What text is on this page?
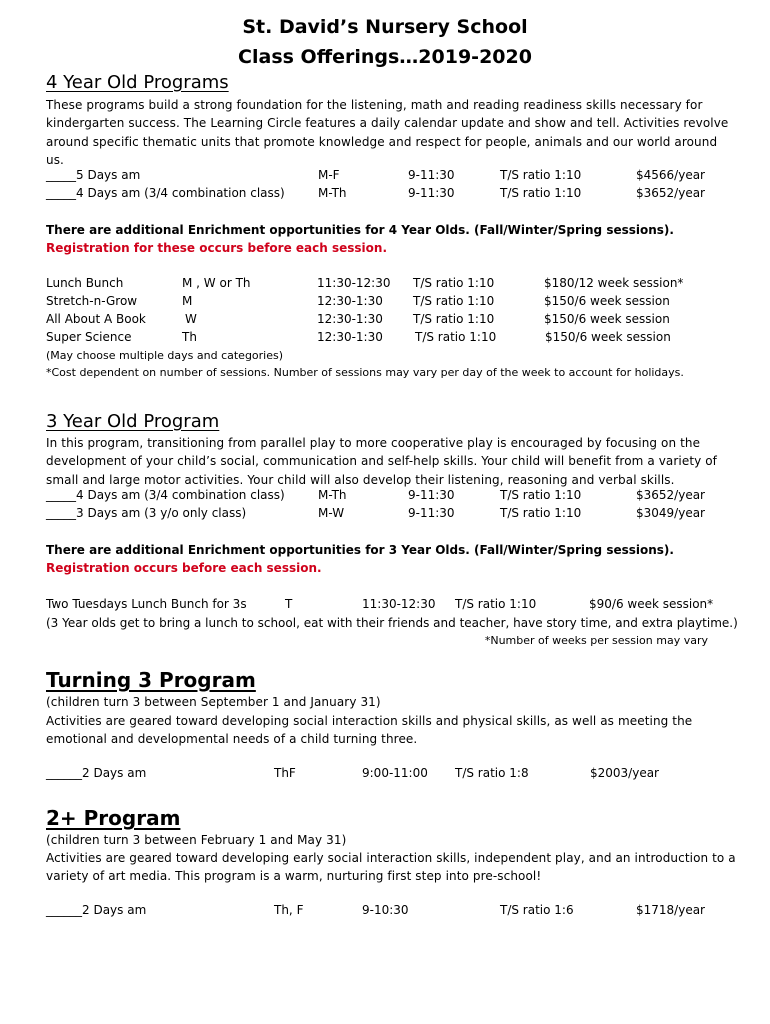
St. David’s Nursery School
Class Offerings…2019-2020
4 Year Old Programs

These programs build a strong foundation for the listening, math and reading readiness skills necessary for kindergarten success. The Learning Circle features a daily calendar update and show and tell. Activities revolve around specific thematic units that promote knowledge and respect for people, animals and our world around us.

_____5 Days am	M-F	9-11:30	T/S ratio 1:10	$4566/year
_____4 Days am (3/4 combination class)	M-Th	9-11:30	T/S ratio 1:10	$3652/year
There are additional Enrichment opportunities for 4 Year Olds. (Fall/Winter/Spring sessions).
Registration for these occurs before each session.
Lunch Bunch	M , W or Th	11:30-12:30 T/S ratio 1:10	$180/12 week session*
Stretch-n-Grow	M	12:30-1:30	T/S ratio 1:10	$150/6 week session
All About A Book	W	12:30-1:30	T/S ratio 1:10	$150/6 week session
Super Science	Th	12:30-1:30	T/S ratio 1:10	$150/6 week session
(May choose multiple days and categories)
*Cost dependent on number of sessions. Number of sessions may vary per day of the week to account for holidays.
3 Year Old Program

In this program, transitioning from parallel play to more cooperative play is encouraged by focusing on the development of your child’s social, communication and self-help skills. Your child will benefit from a variety of small and large motor activities. Your child will also develop their listening, reasoning and verbal skills.

_____4 Days am (3/4 combination class)	M-Th	9-11:30	T/S ratio 1:10	$3652/year
_____3 Days am (3 y/o only class)	M-W	9-11:30	T/S ratio 1:10	$3049/year
There are additional Enrichment opportunities for 3 Year Olds. (Fall/Winter/Spring sessions).
Registration occurs before each session.
Two Tuesdays Lunch Bunch for 3s	T	11:30-12:30 T/S ratio 1:10	$90/6 week session*
(3 Year olds get to bring a lunch to school, eat with their friends and teacher, have story time, and extra playtime.)
*Number of weeks per session may vary
Turning 3 Program

(children turn 3 between September 1 and January 31)

Activities are geared toward developing social interaction skills and physical skills, as well as meeting the emotional and developmental needs of a child turning three.

______2 Days am	ThF	9:00-11:00 T/S ratio 1:8	$2003/year
2+ Program

(children turn 3 between February 1 and May 31)

Activities are geared toward developing early social interaction skills, independent play, and an introduction to a variety of art media. This program is a warm, nurturing first step into pre-school!

______2 Days am	Th, F	9-10:30	T/S ratio 1:6	$1718/year
